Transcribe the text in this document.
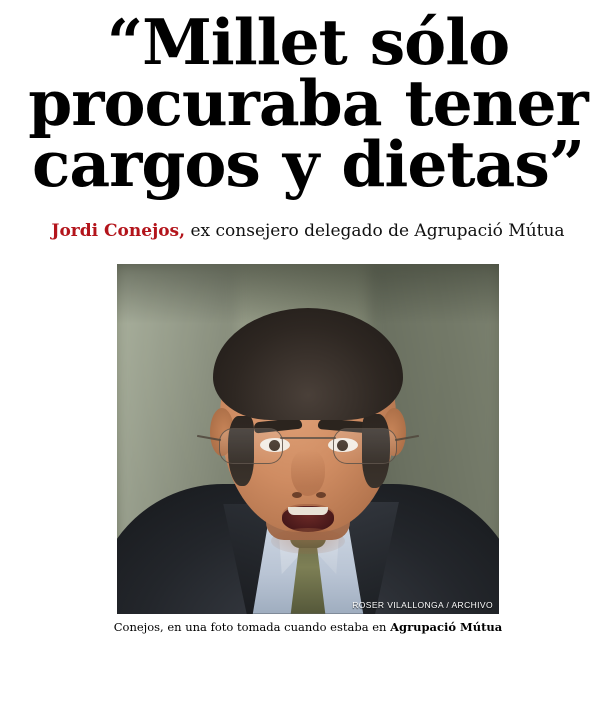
“Millet sólo
procuraba tener
cargos y dietas”
Jordi Conejos, ex consejero delegado de Agrupació Mútua
ROSER VILALLONGA / ARCHIVO
Conejos, en una foto tomada cuando estaba en Agrupació Mútua
